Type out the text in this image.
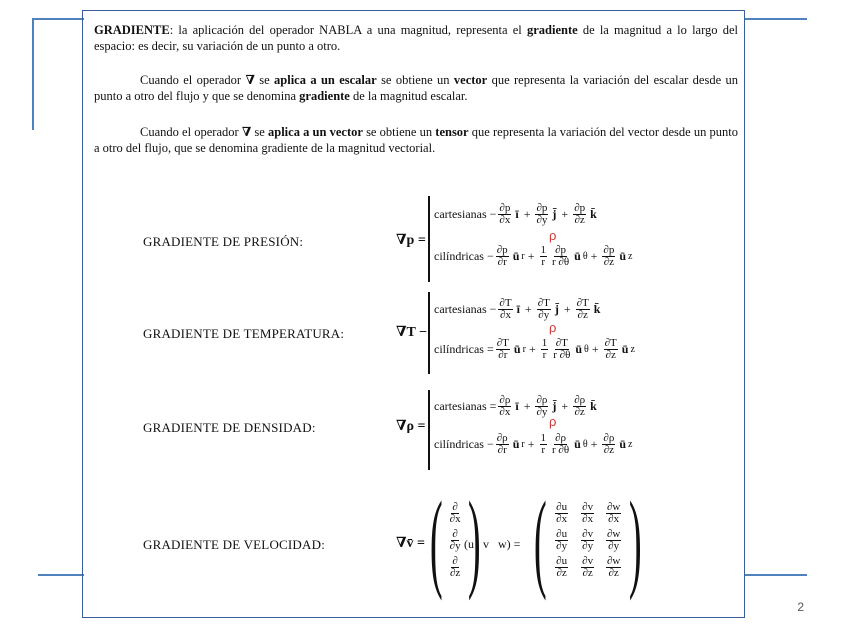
GRADIENTE: la aplicación del operador NABLA a una magnitud, representa el gradiente de la magnitud a lo largo del espacio: es decir, su variación de un punto a otro.
Cuando el operador ∇ se aplica a un escalar se obtiene un vector que representa la variación del escalar desde un punto a otro del flujo y que se denomina gradiente de la magnitud escalar.
Cuando el operador ∇ se aplica a un vector se obtiene un tensor que representa la variación del vector desde un punto a otro del flujo, que se denomina gradiente de la magnitud vectorial.
GRADIENTE DE PRESIÓN:	∇p =
cartesianas − $\frac{\partial p}{\partial x}$ ī + $\frac{\partial p}{\partial y}$ j̄ + $\frac{\partial p}{\partial z}$ k̄
cilíndricas − $\frac{\partial p}{\partial r}$ ū $r + \frac{1}{r} \frac{\partial p}{r \partial\theta}$ ū $\theta + \frac{\partial p}{\partial z}$ ū z
ρ
GRADIENTE DE TEMPERATURA:	∇T −
cartesianas − $\frac{\partial T}{\partial x}$ ī + $\frac{\partial T}{\partial y}$ j̄ + $\frac{\partial T}{\partial z}$ k̄
cilíndricas = $\frac{\partial T}{\partial r}$ ū $r + \frac{1}{r} \frac{\partial T}{r \partial\theta}$ ū $\theta + \frac{\partial T}{\partial z}$ ū z
ρ
GRADIENTE DE DENSIDAD:	∇ρ =
cartesianas = $\frac{\partial\rho}{\partial x}$ ī + $\frac{\partial\rho}{\partial y}$ j̄ + $\frac{\partial\rho}{\partial z}$ k̄
cilíndricas − $\frac{\partial\rho}{\partial r}$ ū $r + \frac{1}{r} \frac{\partial\rho}{r \partial\theta}$ ū $\theta + \frac{\partial\rho}{\partial z}$ ū z
ρ
GRADIENTE DE VELOCIDAD:	∇v̄ = ( $\frac{\partial}{\partial x}$
$\frac{\partial}{\partial y}$
$\frac{\partial}{\partial z}$ )
(u   v   w) = ( $\frac{\partial u}{\partial x} \frac{\partial v}{\partial x} \frac{\partial w}{\partial x}$
$\frac{\partial u}{\partial y} \frac{\partial v}{\partial y} \frac{\partial w}{\partial y}$
$\frac{\partial u}{\partial z} \frac{\partial v}{\partial z} \frac{\partial w}{\partial z}$ )
2
